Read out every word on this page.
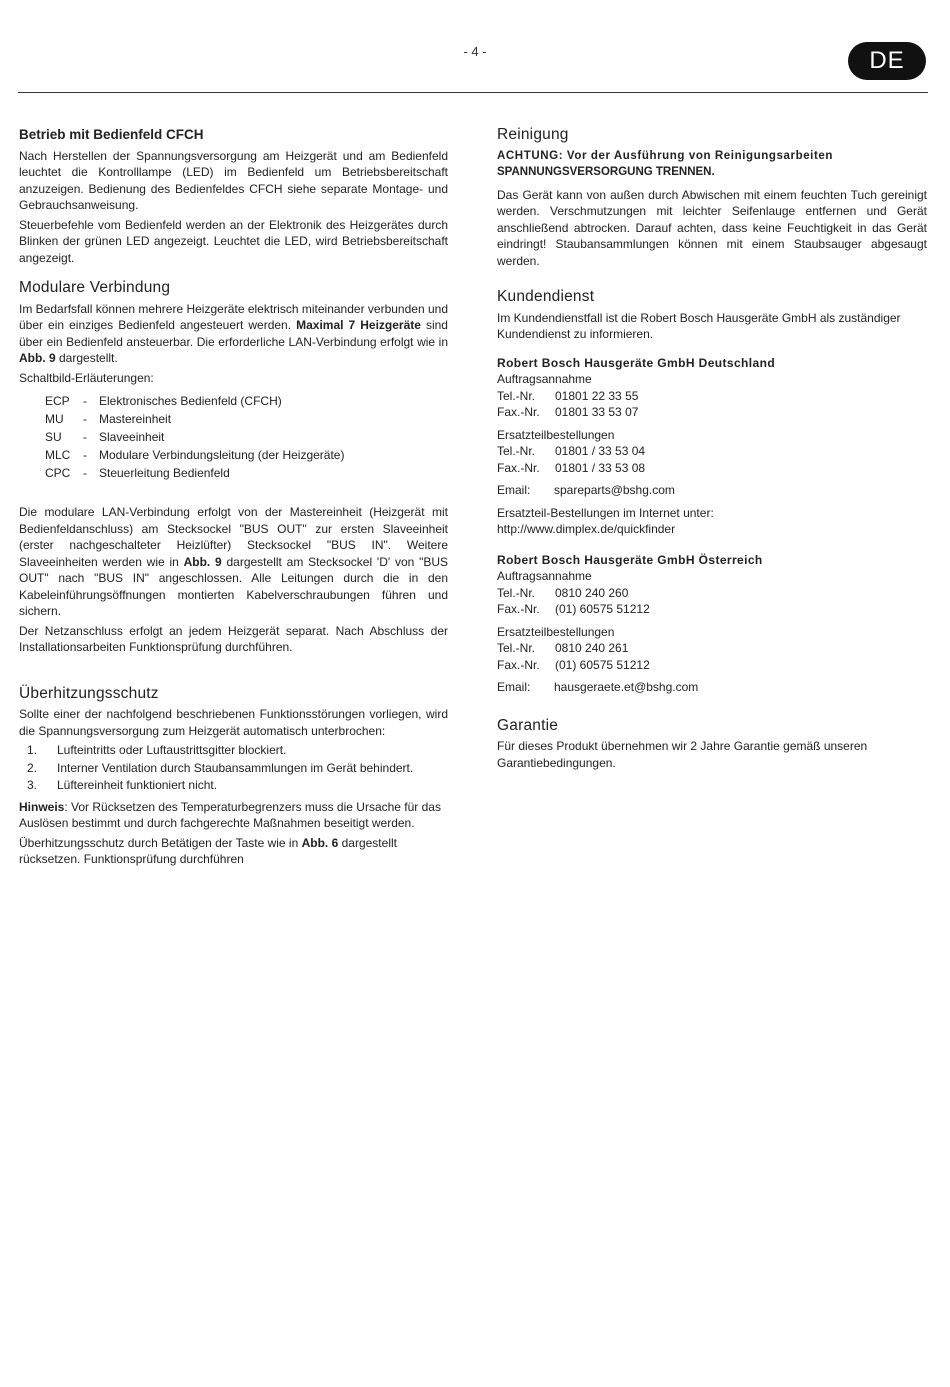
- 4 -	DE
Betrieb mit Bedienfeld CFCH

Nach Herstellen der Spannungsversorgung am Heizgerät und am Bedienfeld leuchtet die Kontrolllampe (LED) im Bedienfeld um Betriebsbereitschaft anzuzeigen. Bedienung des Bedienfeldes CFCH siehe separate Montage- und Gebrauchsanweisung.

Steuerbefehle vom Bedienfeld werden an der Elektronik des Heizgerätes durch Blinken der grünen LED angezeigt. Leuchtet die LED, wird Betriebsbereitschaft angezeigt.

Modulare Verbindung

Im Bedarfsfall können mehrere Heizgeräte elektrisch miteinander verbunden und über ein einziges Bedienfeld angesteuert werden. Maximal 7 Heizgeräte sind über ein Bedienfeld ansteuerbar. Die erforderliche LAN-Verbindung erfolgt wie in Abb. 9 dargestellt.

Schaltbild-Erläuterungen:

ECP	-	Elektronisches Bedienfeld (CFCH)
MU	-	Mastereinheit
SU	-	Slaveeinheit
MLC	-	Modulare Verbindungsleitung (der Heizgeräte)
CPC	-	Steuerleitung Bedienfeld

Die modulare LAN-Verbindung erfolgt von der Mastereinheit (Heizgerät mit Bedienfeldanschluss) am Stecksockel "BUS OUT" zur ersten Slaveeinheit (erster nachgeschalteter Heizlüfter) Stecksockel "BUS IN". Weitere Slaveeinheiten werden wie in Abb. 9 dargestellt am Stecksockel 'D' von "BUS OUT" nach "BUS IN" angeschlossen. Alle Leitungen durch die in den Kabeleinführungsöffnungen montierten Kabelverschraubungen führen und sichern.

Der Netzanschluss erfolgt an jedem Heizgerät separat. Nach Abschluss der Installationsarbeiten Funktionsprüfung durchführen.

Überhitzungsschutz

Sollte einer der nachfolgend beschriebenen Funktionsstörungen vorliegen, wird die Spannungsversorgung zum Heizgerät automatisch unterbrochen:

1.	Lufteintritts oder Luftaustrittsgitter blockiert.
2.	Interner Ventilation durch Staubansammlungen im Gerät behindert.
3.	Lüftereinheit funktioniert nicht.

Hinweis: Vor Rücksetzen des Temperaturbegrenzers muss die Ursache für das Auslösen bestimmt und durch fachgerechte Maßnahmen beseitigt werden.

Überhitzungsschutz durch Betätigen der Taste wie in Abb. 6 dargestellt rücksetzen. Funktionsprüfung durchführen

Reinigung
ACHTUNG: Vor der Ausführung von Reinigungsarbeiten
SPANNUNGSVERSORGUNG TRENNEN.

Das Gerät kann von außen durch Abwischen mit einem feuchten Tuch gereinigt werden. Verschmutzungen mit leichter Seifenlauge entfernen und Gerät anschließend abtrocken. Darauf achten, dass keine Feuchtigkeit in das Gerät eindringt! Staubansammlungen können mit einem Staubsauger abgesaugt werden.

Kundendienst

Im Kundendienstfall ist die Robert Bosch Hausgeräte GmbH als zuständiger Kundendienst zu informieren.

Robert Bosch Hausgeräte GmbH Deutschland
Auftragsannahme
Tel.-Nr.	01801 22 33 55
Fax.-Nr.	01801 33 53 07
Ersatzteilbestellungen
Tel.-Nr.	01801 / 33 53 04
Fax.-Nr.	01801 / 33 53 08
Email:	spareparts@bshg.com
Ersatzteil-Bestellungen im Internet unter:
http://www.dimplex.de/quickfinder
Robert Bosch Hausgeräte GmbH Österreich
Auftragsannahme
Tel.-Nr.	0810 240 260
Fax.-Nr.	(01) 60575 51212
Ersatzteilbestellungen
Tel.-Nr.	0810 240 261
Fax.-Nr.	(01) 60575 51212
Email:	hausgeraete.et@bshg.com
Garantie

Für dieses Produkt übernehmen wir 2 Jahre Garantie gemäß unseren Garantiebedingungen.
